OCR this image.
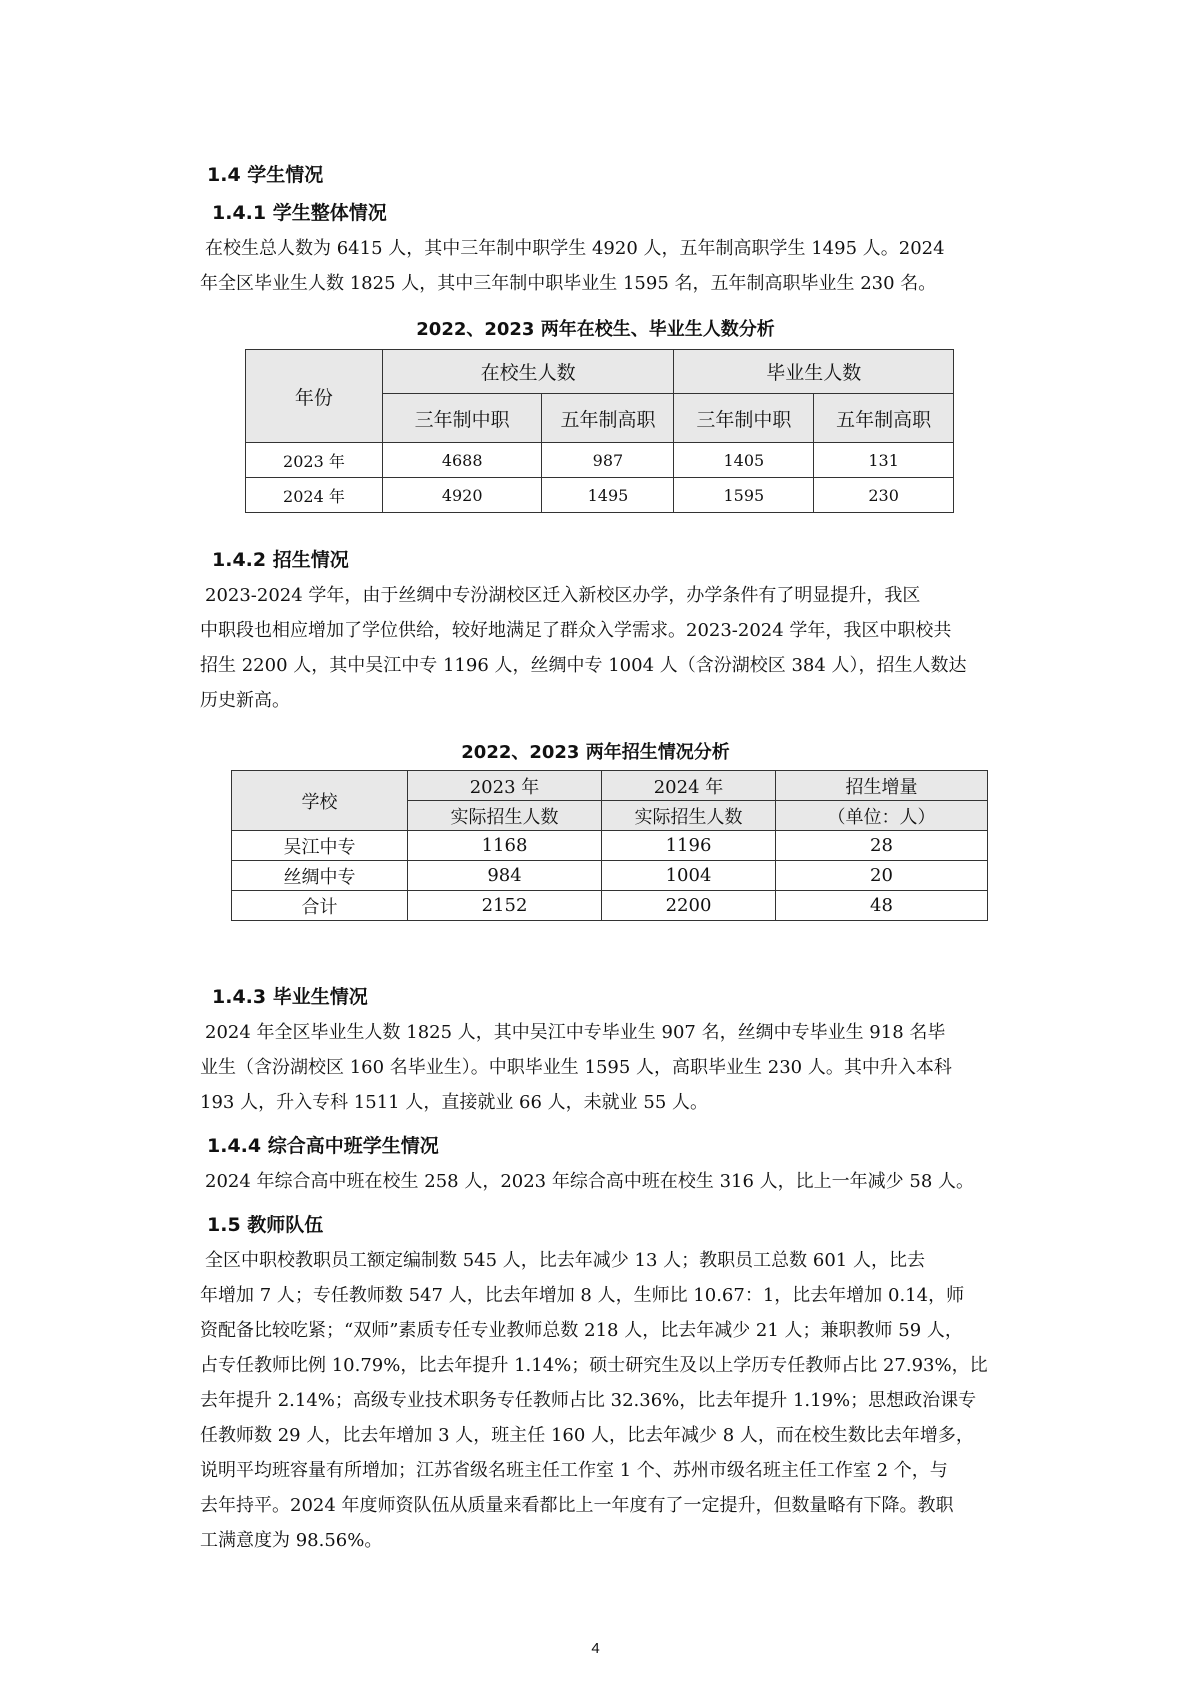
1.4 学生情况
1.4.1 学生整体情况
在校生总人数为 6415 人，其中三年制中职学生 4920 人，五年制高职学生 1495 人。2024
年全区毕业生人数 1825 人，其中三年制中职毕业生 1595 名，五年制高职毕业生 230 名。
2022、2023 两年在校生、毕业生人数分析
年份	在校生人数		毕业生人数	
	三年制中职	五年制高职	三年制中职	五年制高职
2023 年	4688	987	1405	131
2024 年	4920	1495	1595	230
1.4.2 招生情况
2023-2024 学年，由于丝绸中专汾湖校区迁入新校区办学，办学条件有了明显提升，我区
中职段也相应增加了学位供给，较好地满足了群众入学需求。2023-2024 学年，我区中职校共
招生 2200 人，其中吴江中专 1196 人，丝绸中专 1004 人（含汾湖校区 384 人），招生人数达
历史新高。
2022、2023 两年招生情况分析
学校	2023 年	2024 年	招生增量
	实际招生人数	实际招生人数	（单位：人）
吴江中专	1168	1196	28
丝绸中专	984	1004	20
合计	2152	2200	48
1.4.3 毕业生情况
2024 年全区毕业生人数 1825 人，其中吴江中专毕业生 907 名，丝绸中专毕业生 918 名毕
业生（含汾湖校区 160 名毕业生）。中职毕业生 1595 人，高职毕业生 230 人。其中升入本科
193 人，升入专科 1511 人，直接就业 66 人，未就业 55 人。
1.4.4 综合高中班学生情况
2024 年综合高中班在校生 258 人，2023 年综合高中班在校生 316 人，比上一年减少 58 人。
1.5 教师队伍
全区中职校教职员工额定编制数 545 人，比去年减少 13 人；教职员工总数 601 人，比去
年增加 7 人；专任教师数 547 人，比去年增加 8 人，生师比 10.67：1，比去年增加 0.14，师
资配备比较吃紧；“双师”素质专任专业教师总数 218 人，比去年减少 21 人；兼职教师 59 人，
占专任教师比例 10.79%，比去年提升 1.14%；硕士研究生及以上学历专任教师占比 27.93%，比
去年提升 2.14%；高级专业技术职务专任教师占比 32.36%，比去年提升 1.19%；思想政治课专
任教师数 29 人，比去年增加 3 人，班主任 160 人，比去年减少 8 人，而在校生数比去年增多，
说明平均班容量有所增加；江苏省级名班主任工作室 1 个、苏州市级名班主任工作室 2 个，与
去年持平。2024 年度师资队伍从质量来看都比上一年度有了一定提升，但数量略有下降。教职
工满意度为 98.56%。
4
